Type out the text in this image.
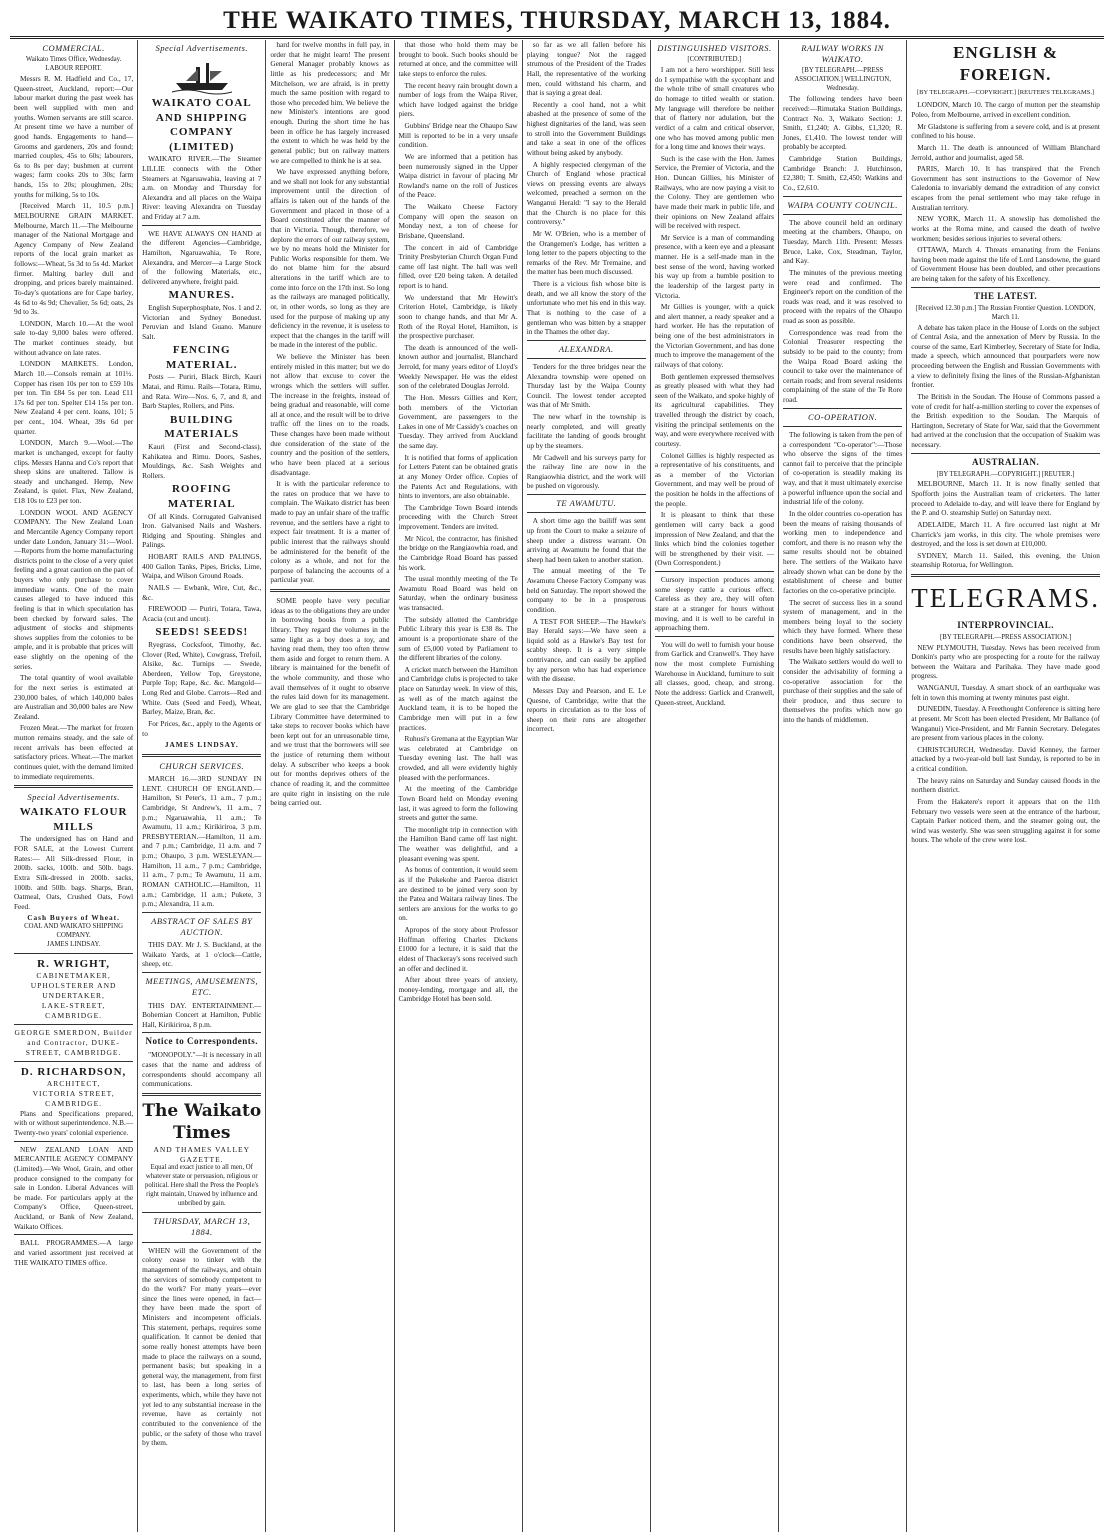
THE WAIKATO TIMES, THURSDAY, MARCH 13, 1884.
COMMERCIAL.
Waikato Times Office, Wednesday.
LABOUR REPORT.

Messrs R. M. Hadfield and Co., 17, Queen-street, Auckland, report:—Our labour market during the past week has been well supplied with men and youths. Women servants are still scarce. At present time we have a number of good hands. Engagements to hand—Grooms and gardeners, 20s and found; married couples, 45s to 60s; labourers, 6s to 8s per day; bushmen at current wages; farm cooks 20s to 30s; farm hands, 15s to 20s; ploughmen, 20s; youths for milking, 5s to 10s.

[Received March 11, 10.5 p.m.] MELBOURNE GRAIN MARKET. Melbourne, March 11.—The Melbourne manager of the National Mortgage and Agency Company of New Zealand reports of the local grain market as follows:—Wheat, 5s 3d to 5s 4d. Market firmer. Malting barley dull and dropping, and prices barely maintained. To-day's quotations are for Cape barley, 4s 6d to 4s 9d; Chevalier, 5s 6d; oats, 2s 9d to 3s.

LONDON, March 10.—At the wool sale to-day 9,000 bales were offered. The market continues steady, but without advance on late rates.

LONDON MARKETS. London, March 10.—Consols remain at 101½. Copper has risen 10s per ton to £59 10s per ton. Tin £84 5s per ton. Lead £11 17s 6d per ton. Spelter £14 15s per ton. New Zealand 4 per cent. loans, 101; 5 per cent., 104. Wheat, 39s 6d per quarter.

LONDON, March 9.—Wool.—The market is unchanged, except for faulty clips. Messrs Hanna and Co's report that sheep skins are unaltered. Tallow is steady and unchanged. Hemp, New Zealand, is quiet. Flax, New Zealand, £18 10s to £23 per ton.

LONDON WOOL AND AGENCY COMPANY. The New Zealand Loan and Mercantile Agency Company report under date London, January 31:—Wool.—Reports from the home manufacturing districts point to the close of a very quiet feeling and a great caution on the part of buyers who only purchase to cover immediate wants. One of the main causes alleged to have induced this feeling is that in which speculation has been checked by forward sales. The adjustment of stocks and shipments shows supplies from the colonies to be ample, and it is probable that prices will ease slightly on the opening of the series.

The total quantity of wool available for the next series is estimated at 230,000 bales, of which 140,000 bales are Australian and 30,000 bales are New Zealand.

Frozen Meat.—The market for frozen mutton remains steady, and the sale of recent arrivals has been effected at satisfactory prices. Wheat.—The market continues quiet, with the demand limited to immediate requirements.

Special Advertisements.
WAIKATO FLOUR MILLS

The undersigned has on Hand and FOR SALE, at the Lowest Current Rates:— All Silk-dressed Flour, in 200lb. sacks, 100lb. and 50lb. bags. Extra Silk-dressed in 200lb. sacks, 100lb. and 50lb. bags. Sharps, Bran, Oatmeal, Oats, Crushed Oats, Fowl Feed.

Cash Buyers of Wheat.
COAL AND WAIKATO SHIPPING COMPANY.
JAMES LINDSAY.
R. WRIGHT,
CABINETMAKER, UPHOLSTERER AND UNDERTAKER,
LAKE-STREET, CAMBRIDGE.
GEORGE SMERDON, Builder and Contractor, DUKE-STREET, CAMBRIDGE.
D. RICHARDSON,
ARCHITECT,
VICTORIA STREET, CAMBRIDGE.

Plans and Specifications prepared, with or without superintendence. N.B.—Twenty-two years' colonial experience.

NEW ZEALAND LOAN AND MERCANTILE AGENCY COMPANY (Limited).—We Wool, Grain, and other produce consigned to the company for sale in London. Liberal Advances will be made. For particulars apply at the Company's Office, Queen-street, Auckland, or Bank of New Zealand, Waikato Offices.

BALL PROGRAMMES.—A large and varied assortment just received at THE WAIKATO TIMES office.

Special Advertisements.
WAIKATO COAL AND SHIPPING COMPANY (LIMITED)

WAIKATO RIVER.—The Steamer LILLIE connects with the Other Steamers at Ngaruawahia, leaving at 7 a.m. on Monday and Thursday for Alexandra and all places on the Waipa River: leaving Alexandra on Tuesday and Friday at 7 a.m.

WE HAVE ALWAYS ON HAND at the different Agencies—Cambridge, Hamilton, Ngaruawahia, Te Rore, Alexandra, and Mercer—a Large Stock of the following Materials, etc., delivered anywhere, freight paid.

MANURES.

English Superphosphate, Nos. 1 and 2. Victorian and Sydney Bonedust. Peruvian and Island Guano. Manure Salt.

FENCING MATERIAL.

Posts — Puriri, Black Birch, Kauri Matai, and Rimu. Rails—Totara, Rimu, and Rata. Wire—Nos. 6, 7, and 8, and Barb Staples, Rollers, and Pins.

BUILDING MATERIALS

Kauri (First and Second-class), Kahikatea and Rimu. Doors, Sashes, Mouldings, &c. Sash Weights and Rollers.

ROOFING MATERIAL

Of all Kinds. Corrugated Galvanised Iron. Galvanised Nails and Washers. Ridging and Spouting. Shingles and Palings.

HOBART RAILS AND PALINGS, 400 Gallon Tanks, Pipes, Bricks, Lime, Waipa, and Wilson Ground Roads.

NAILS — Ewbank, Wire, Cut, &c., &c.

FIREWOOD — Puriri, Totara, Tawa, Acacia (cut and uncut).

SEEDS! SEEDS!

Ryegrass, Cocksfoot, Timothy, &c. Clover (Red, White), Cowgrass, Trefoil, Alsike, &c. Turnips — Swede, Aberdeen, Yellow Top, Greystone, Purple Top; Rape, &c. &c. Mangold—Long Red and Globe. Carrots—Red and White. Oats (Seed and Feed), Wheat, Barley, Maize, Bran, &c.

For Prices, &c., apply to the Agents or to

JAMES LINDSAY.
CHURCH SERVICES.

MARCH 16.—3RD SUNDAY IN LENT. CHURCH OF ENGLAND.—Hamilton, St Peter's, 11 a.m., 7 p.m.; Cambridge, St Andrew's, 11 a.m., 7 p.m.; Ngaruawahia, 11 a.m.; Te Awamutu, 11 a.m.; Kirikiriroa, 3 p.m. PRESBYTERIAN.—Hamilton, 11 a.m. and 7 p.m.; Cambridge, 11 a.m. and 7 p.m.; Ohaupo, 3 p.m. WESLEYAN.—Hamilton, 11 a.m., 7 p.m.; Cambridge, 11 a.m., 7 p.m.; Te Awamutu, 11 a.m. ROMAN CATHOLIC.—Hamilton, 11 a.m.; Cambridge, 11 a.m.; Pukete, 3 p.m.; Alexandra, 11 a.m.

ABSTRACT OF SALES BY AUCTION.

THIS DAY. Mr J. S. Buckland, at the Waikato Yards, at 1 o'clock—Cattle, sheep, etc.

MEETINGS, AMUSEMENTS, ETC.

THIS DAY. ENTERTAINMENT.—Bohemian Concert at Hamilton, Public Hall, Kirikiriroa, 8 p.m.

Notice to Correspondents.

"MONOPOLY."—It is necessary in all cases that the name and address of correspondents should accompany all communications.

The Waikato Times
AND THAMES VALLEY GAZETTE.
Equal and exact justice to all men, Of whatever state or persuasion, religious or political. Here shall the Press the People's right maintain, Unawed by influence and unbribed by gain.
THURSDAY, MARCH 13, 1884.

WHEN will the Government of the colony cease to tinker with the management of the railways, and obtain the services of somebody competent to do the work? For many years—ever since the lines were opened, in fact—they have been made the sport of Ministers and incompetent officials. This statement, perhaps, requires some qualification. It cannot be denied that some really honest attempts have been made to place the railways on a sound, permanent basis; but speaking in a general way, the management, from first to last, has been a long series of experiments, which, while they have not yet led to any substantial increase in the revenue, have as certainly not contributed to the convenience of the public, or the safety of those who travel by them.

hard for twelve months in full pay, in order that he might learn! The present General Manager probably knows as little as his predecessors; and Mr Mitchelson, we are afraid, is in pretty much the same position with regard to those who preceded him. We believe the new Minister's intentions are good enough. During the short time he has been in office he has largely increased the extent to which he was held by the general public; but on railway matters we are compelled to think he is at sea.

We have expressed anything before, and we shall not look for any substantial improvement until the direction of affairs is taken out of the hands of the Government and placed in those of a Board constituted after the manner of that in Victoria. Though, therefore, we deplore the errors of our railway system, we by no means hold the Minister for Public Works responsible for them. We do not blame him for the absurd alterations in the tariff which are to come into force on the 17th inst. So long as the railways are managed politically, or, in other words, so long as they are used for the purpose of making up any deficiency in the revenue, it is useless to expect that the changes in the tariff will be made in the interest of the public.

We believe the Minister has been entirely misled in this matter; but we do not allow that excuse to cover the wrongs which the settlers will suffer. The increase in the freights, instead of being gradual and reasonable, will come all at once, and the result will be to drive traffic off the lines on to the roads. These changes have been made without due consideration of the state of the country and the position of the settlers, who have been placed at a serious disadvantage.

It is with the particular reference to the rates on produce that we have to complain. The Waikato district has been made to pay an unfair share of the traffic revenue, and the settlers have a right to expect fair treatment. It is a matter of public interest that the railways should be administered for the benefit of the colony as a whole, and not for the purpose of balancing the accounts of a particular year.

SOME people have very peculiar ideas as to the obligations they are under in borrowing books from a public library. They regard the volumes in the same light as a boy does a toy, and having read them, they too often throw them aside and forget to return them. A library is maintained for the benefit of the whole community, and those who avail themselves of it ought to observe the rules laid down for its management. We are glad to see that the Cambridge Library Committee have determined to take steps to recover books which have been kept out for an unreasonable time, and we trust that the borrowers will see the justice of returning them without delay. A subscriber who keeps a book out for months deprives others of the chance of reading it, and the committee are quite right in insisting on the rule being carried out.

that those who hold them may be brought to book. Such books should be returned at once, and the committee will take steps to enforce the rules.

The recent heavy rain brought down a number of logs from the Waipa River, which have lodged against the bridge piers.

Gubbins' Bridge near the Ohaupo Saw Mill is reported to be in a very unsafe condition.

We are informed that a petition has been numerously signed in the Upper Waipa district in favour of placing Mr Rowland's name on the roll of Justices of the Peace.

The Waikato Cheese Factory Company will open the season on Monday next, a ton of cheese for Brisbane, Queensland.

The concert in aid of Cambridge Trinity Presbyterian Church Organ Fund came off last night. The hall was well filled, over £20 being taken. A detailed report is to hand.

We understand that Mr Hewitt's Criterion Hotel, Cambridge, is likely soon to change hands, and that Mr A. Roth of the Royal Hotel, Hamilton, is the prospective purchaser.

The death is announced of the well-known author and journalist, Blanchard Jerrold, for many years editor of Lloyd's Weekly Newspaper. He was the eldest son of the celebrated Douglas Jerrold.

The Hon. Messrs Gillies and Kerr, both members of the Victorian Government, are passengers to the Lakes in one of Mr Cassidy's coaches on Tuesday. They arrived from Auckland the same day.

It is notified that forms of application for Letters Patent can be obtained gratis at any Money Order office. Copies of the Patents Act and Regulations, with hints to inventors, are also obtainable.

The Cambridge Town Board intends proceeding with the Church Street improvement. Tenders are invited.

Mr Nicol, the contractor, has finished the bridge on the Rangiaowhia road, and the Cambridge Road Board has passed his work.

The usual monthly meeting of the Te Awamutu Road Board was held on Saturday, when the ordinary business was transacted.

The subsidy allotted the Cambridge Public Library this year is £38 8s. The amount is a proportionate share of the sum of £5,000 voted by Parliament to the different libraries of the colony.

A cricket match between the Hamilton and Cambridge clubs is projected to take place on Saturday week. In view of this, as well as of the match against the Auckland team, it is to be hoped the Cambridge men will put in a few practices.

Ruhusi's Gremana at the Egyptian War was celebrated at Cambridge on Tuesday evening last. The hall was crowded, and all were evidently highly pleased with the performances.

At the meeting of the Cambridge Town Board held on Monday evening last, it was agreed to form the following streets and gutter the same.

The moonlight trip in connection with the Hamilton Band came off last night. The weather was delightful, and a pleasant evening was spent.

As bonus of contention, it would seem as if the Pukekohe and Paeroa district are destined to be joined very soon by the Patea and Waitara railway lines. The settlers are anxious for the works to go on.

Apropos of the story about Professor Hoffman offering Charles Dickens £1000 for a lecture, it is said that the eldest of Thackeray's sons received such an offer and declined it.

After about three years of anxiety, money-lending, mortgage and all, the Cambridge Hotel has been sold.

so far as we all fallen before his playing tongue? Not the ragged strumous of the President of the Trades Hall, the representative of the working men, could withstand his charm, and that is saying a great deal.

Recently a cool hand, not a whit abashed at the presence of some of the highest dignitaries of the land, was seen to stroll into the Government Buildings and take a seat in one of the offices without being asked by anybody.

A highly respected clergyman of the Church of England whose practical views on pressing events are always welcomed, preached a sermon on the Wanganui Herald: "I say to the Herald that the Church is no place for this controversy."

Mr W. O'Brien, who is a member of the Orangemen's Lodge, has written a long letter to the papers objecting to the remarks of the Rev. Mr Tremaine, and the matter has been much discussed.

There is a vicious fish whose bite is death, and we all know the story of the unfortunate who met his end in this way. That is nothing to the case of a gentleman who was bitten by a snapper in the Thames the other day.

ALEXANDRA.

Tenders for the three bridges near the Alexandra township were opened on Thursday last by the Waipa County Council. The lowest tender accepted was that of Mr Smith.

The new wharf in the township is nearly completed, and will greatly facilitate the landing of goods brought up by the steamers.

Mr Cadwell and his surveys party for the railway line are now in the Rangiaowhia district, and the work will be pushed on vigorously.

TE AWAMUTU.

A short time ago the bailiff was sent up from the Court to make a seizure of sheep under a distress warrant. On arriving at Awamutu he found that the sheep had been taken to another station.

The annual meeting of the Te Awamutu Cheese Factory Company was held on Saturday. The report showed the company to be in a prosperous condition.

A TEST FOR SHEEP.—The Hawke's Bay Herald says:—We have seen a liquid sold as a Hawke's Bay test for scabby sheep. It is a very simple contrivance, and can easily be applied by any person who has had experience with the disease.

Messrs Day and Pearson, and E. Le Quesne, of Cambridge, write that the reports in circulation as to the loss of sheep on their runs are altogether incorrect.

DISTINGUISHED VISITORS.
[CONTRIBUTED.]

I am not a hero worshipper. Still less do I sympathise with the sycophant and the whole tribe of small creatures who do homage to titled wealth or station. My language will therefore be neither that of flattery nor adulation, but the verdict of a calm and critical observer, one who has moved among public men for a long time and knows their ways.

Such is the case with the Hon. James Service, the Premier of Victoria, and the Hon. Duncan Gillies, his Minister of Railways, who are now paying a visit to the Colony. They are gentlemen who have made their mark in public life, and their opinions on New Zealand affairs will be received with respect.

Mr Service is a man of commanding presence, with a keen eye and a pleasant manner. He is a self-made man in the best sense of the word, having worked his way up from a humble position to the leadership of the largest party in Victoria.

Mr Gillies is younger, with a quick and alert manner, a ready speaker and a hard worker. He has the reputation of being one of the best administrators in the Victorian Government, and has done much to improve the management of the railways of that colony.

Both gentlemen expressed themselves as greatly pleased with what they had seen of the Waikato, and spoke highly of its agricultural capabilities. They travelled through the district by coach, visiting the principal settlements on the way, and were everywhere received with courtesy.

Colonel Gillies is highly respected as a representative of his constituents, and as a member of the Victorian Government, and may well be proud of the position he holds in the affections of the people.

It is pleasant to think that these gentlemen will carry back a good impression of New Zealand, and that the links which bind the colonies together will be strengthened by their visit. — (Own Correspondent.)

Cursory inspection produces among some sleepy cattle a curious effect. Careless as they are, they will often stare at a stranger for hours without moving, and it is well to be careful in approaching them.

You will do well to furnish your house from Garlick and Cranwell's. They have now the most complete Furnishing Warehouse in Auckland, furniture to suit all classes, good, cheap, and strong. Note the address: Garlick and Cranwell, Queen-street, Auckland.

RAILWAY WORKS IN WAIKATO.
[BY TELEGRAPH.—PRESS ASSOCIATION.] WELLINGTON, Wednesday.

The following tenders have been received:—Rimutaka Station Buildings, Contract No. 3, Waikato Section: J. Smith, £1,240; A. Gibbs, £1,320; R. Jones, £1,410. The lowest tender will probably be accepted.

Cambridge Station Buildings, Cambridge Branch: J. Hutchinson, £2,380; T. Smith, £2,450; Watkins and Co., £2,610.

WAIPA COUNTY COUNCIL.

The above council held an ordinary meeting at the chambers, Ohaupo, on Tuesday, March 11th. Present: Messrs Bruce, Lake, Cox, Steadman, Taylor, and Kay.

The minutes of the previous meeting were read and confirmed. The Engineer's report on the condition of the roads was read, and it was resolved to proceed with the repairs of the Ohaupo road as soon as possible.

Correspondence was read from the Colonial Treasurer respecting the subsidy to be paid to the county; from the Waipa Road Board asking the council to take over the maintenance of certain roads; and from several residents complaining of the state of the Te Rore road.

CO-OPERATION.

The following is taken from the pen of a correspondent "Co-operator":—Those who observe the signs of the times cannot fail to perceive that the principle of co-operation is steadily making its way, and that it must ultimately exercise a powerful influence upon the social and industrial life of the colony.

In the older countries co-operation has been the means of raising thousands of working men to independence and comfort, and there is no reason why the same results should not be obtained here. The settlers of the Waikato have already shown what can be done by the establishment of cheese and butter factories on the co-operative principle.

The secret of success lies in a sound system of management, and in the members being loyal to the society which they have formed. Where these conditions have been observed, the results have been highly satisfactory.

The Waikato settlers would do well to consider the advisability of forming a co-operative association for the purchase of their supplies and the sale of their produce, and thus secure to themselves the profits which now go into the hands of middlemen.

ENGLISH & FOREIGN.
[BY TELEGRAPH.—COPYRIGHT.] [REUTER'S TELEGRAMS.]

LONDON, March 10. The cargo of mutton per the steamship Poleo, from Melbourne, arrived in excellent condition.

Mr Gladstone is suffering from a severe cold, and is at present confined to his house.

March 11. The death is announced of William Blanchard Jerrold, author and journalist, aged 58.

PARIS, March 10. It has transpired that the French Government has sent instructions to the Governor of New Caledonia to invariably demand the extradition of any convict escapes from the penal settlement who may take refuge in Australian territory.

NEW YORK, March 11. A snowslip has demolished the works at the Roma mine, and caused the death of twelve workmen; besides serious injuries to several others.

OTTAWA, March 4. Threats emanating from the Fenians having been made against the life of Lord Lansdowne, the guard of Government House has been doubled, and other precautions are being taken for the safety of his Excellency.

THE LATEST.
[Received 12.30 p.m.] The Russian Frontier Question. LONDON, March 11.

A debate has taken place in the House of Lords on the subject of Central Asia, and the annexation of Merv by Russia. In the course of the same, Earl Kimberley, Secretary of State for India, made a speech, which announced that pourparlers were now proceeding between the English and Russian Governments with a view to definitely fixing the lines of the Russian-Afghanistan frontier.

The British in the Soudan. The House of Commons passed a vote of credit for half-a-million sterling to cover the expenses of the British expedition to the Soudan. The Marquis of Hartington, Secretary of State for War, said that the Government had arrived at the conclusion that the occupation of Suakim was necessary.

AUSTRALIAN.
[BY TELEGRAPH.—COPYRIGHT.] [REUTER.]

MELBOURNE, March 11. It is now finally settled that Spofforth joins the Australian team of cricketers. The latter proceed to Adelaide to-day, and will leave there for England by the P. and O. steamship Sutlej on Saturday next.

ADELAIDE, March 11. A fire occurred last night at Mr Charrick's jam works, in this city. The whole premises were destroyed, and the loss is set down at £10,000.

SYDNEY, March 11. Sailed, this evening, the Union steamship Rotorua, for Wellington.

TELEGRAMS.
INTERPROVINCIAL.
[BY TELEGRAPH.—PRESS ASSOCIATION.]

NEW PLYMOUTH, Tuesday. News has been received from Donkin's party who are prospecting for a route for the railway between the Waitara and Parihaka. They have made good progress.

WANGANUI, Tuesday. A smart shock of an earthquake was felt in town this morning at twenty minutes past eight.

DUNEDIN, Tuesday. A Freethought Conference is sitting here at present. Mr Scott has been elected President, Mr Ballance (of Wanganui) Vice-President, and Mr Fannin Secretary. Delegates are present from various places in the colony.

CHRISTCHURCH, Wednesday. David Kenney, the farmer attacked by a two-year-old bull last Sunday, is reported to be in a critical condition.

The heavy rains on Saturday and Sunday caused floods in the northern district.

From the Hakatere's report it appears that on the 11th February two vessels were seen at the entrance of the harbour, Captain Parker noticed them, and the steamer going out, the wind was westerly. She was seen struggling against it for some hours. The whole of the crew were lost.
